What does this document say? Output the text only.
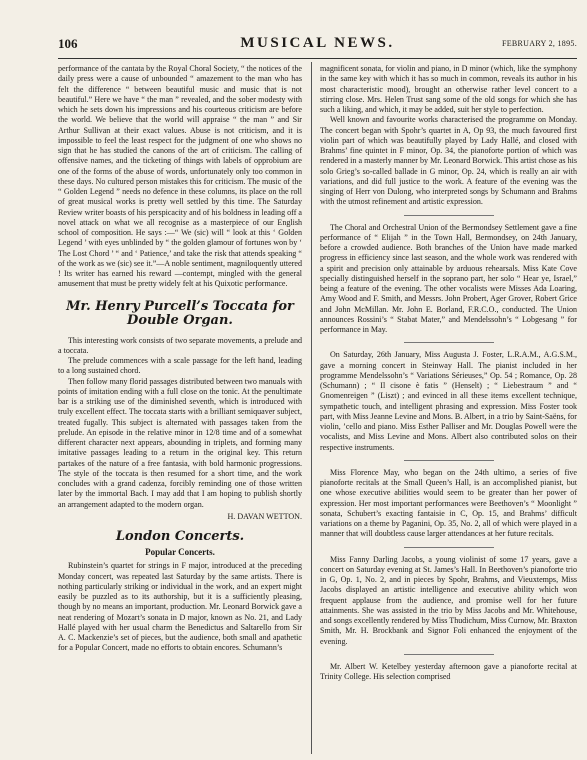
106	MUSICAL NEWS.	FEBRUARY 2, 1895.

performance of the cantata by the Royal Choral Society, “ the notices of the daily press were a cause of unbounded “ amazement to the man who has felt the difference “ between beautiful music and music that is not beautiful.” Here we have “ the man ” revealed, and the sober modesty with which he sets down his impressions and his courteous criticism are before the world. We believe that the world will appraise “ the man ” and Sir Arthur Sullivan at their exact values. Abuse is not criticism, and it is impossible to feel the least respect for the judgment of one who shows no sign that he has studied the canons of the art of criticism. The calling of offensive names, and the ticketing of things with labels of opprobium are one of the forms of the abuse of words, unfortunately only too common in these days. No cultured person mistakes this for criticism. The music of the “ Golden Legend ” needs no defence in these columns, its place on the roll of great musical works is pretty well settled by this time. The Saturday Review writer boasts of his perspicacity and of his boldness in leading off a novel attack on what we all recognise as a masterpiece of our English school of composition. He says :—“ We (sic) will “ look at this ‘ Golden Legend ’ with eyes unblinded by “ the golden glamour of fortunes won by ‘ The Lost Chord ’ “ and ‘ Patience,’ and take the risk that attends speaking “ of the work as we (sic) see it.”—A noble sentiment, magniloquently uttered ! Its writer has earned his reward —contempt, mingled with the general amusement that must be pretty widely felt at his Quixotic performance.

Mr. Henry Purcell’s Toccata for
Double Organ.

This interesting work consists of two separate movements, a prelude and a toccata.

The prelude commences with a scale passage for the left hand, leading to a long sustained chord.

Then follow many florid passages distributed between two manuals with points of imitation ending with a full close on the tonic. At the penultimate bar is a striking use of the diminished seventh, which is introduced with truly excellent effect. The toccata starts with a brilliant semiquaver subject, treated fugally. This subject is alternated with passages taken from the prelude. An episode in the relative minor in 12/8 time and of a somewhat different character next appears, abounding in triplets, and forming many imitative passages leading to a return in the original key. This return partakes of the nature of a free fantasia, with bold harmonic progressions. The style of the toccata is then resumed for a short time, and the work concludes with a grand cadenza, forcibly reminding one of those written later by the immortal Bach. I may add that I am hoping to publish shortly an arrangement adapted to the modern organ.

H. DAVAN WETTON.

London Concerts.
Popular Concerts.

Rubinstein’s quartet for strings in F major, introduced at the preceding Monday concert, was repeated last Saturday by the same artists. There is nothing particularly striking or individual in the work, and an expert might easily be puzzled as to its authorship, but it is a sufficiently pleasing, though by no means an important, production. Mr. Leonard Borwick gave a neat rendering of Mozart’s sonata in D major, known as No. 21, and Lady Hallé played with her usual charm the Benedictus and Saltarello from Sir A. C. Mackenzie’s set of pieces, but the audience, both small and apathetic for a Popular Concert, made no efforts to obtain encores. Schumann’s

magnificent sonata, for violin and piano, in D minor (which, like the symphony in the same key with which it has so much in common, reveals its author in his most characteristic mood), brought an otherwise rather level concert to a stirring close. Mrs. Helen Trust sang some of the old songs for which she has such a liking, and which, it may be added, suit her style to perfection.

Well known and favourite works characterised the programme on Monday. The concert began with Spohr’s quartet in A, Op 93, the much favoured first violin part of which was beautifully played by Lady Hallé, and closed with Brahms’ fine quintet in F minor, Op. 34, the pianoforte portion of which was rendered in a masterly manner by Mr. Leonard Borwick. This artist chose as his solo Grieg’s so-called ballade in G minor, Op. 24, which is really an air with variations, and did full justice to the work. A feature of the evening was the singing of Herr von Dulong, who interpreted songs by Schumann and Brahms with the utmost refinement and artistic expression.

The Choral and Orchestral Union of the Bermondsey Settlement gave a fine performance of “ Elijah ” in the Town Hall, Bermondsey, on 24th January, before a crowded audience. Both branches of the Union have made marked progress in efficiency since last season, and the whole work was rendered with a spirit and precision only attainable by arduous rehearsals. Miss Kate Cove specially distinguished herself in the soprano part, her solo “ Hear ye, Israel,” being a feature of the evening. The other vocalists were Misses Ada Loaring, Amy Wood and F. Smith, and Messrs. John Probert, Ager Grover, Robert Grice and John McMillan. Mr. John E. Borland, F.R.C.O., conducted. The Union announces Rossini’s “ Stabat Mater,” and Mendelssohn’s “ Lobgesang ” for performance in May.

On Saturday, 26th January, Miss Augusta J. Foster, L.R.A.M., A.G.S.M., gave a morning concert in Steinway Hall. The pianist included in her programme Mendelssohn’s “ Variations Sérieuses,” Op. 54 ; Romance, Op. 28 (Schumann) ; “ Il cisone è fatis ” (Henselt) ; “ Liebestraum ” and “ Gnomenreigen ” (Liszt) ; and evinced in all these items excellent technique, sympathetic touch, and intelligent phrasing and expression. Miss Foster took part, with Miss Jeanne Levine and Mons. B. Albert, in a trio by Saint-Saëns, for violin, ’cello and piano. Miss Esther Palliser and Mr. Douglas Powell were the vocalists, and Miss Levine and Mons. Albert also contributed solos on their respective instruments.

Miss Florence May, who began on the 24th ultimo, a series of five pianoforte recitals at the Small Queen’s Hall, is an accomplished pianist, but one whose executive abilities would seem to be greater than her power of expression. Her most important performances were Beethoven’s “ Moonlight ” sonata, Schubert’s exacting fantaisie in C, Op. 15, and Brahms’ difficult variations on a theme by Paganini, Op. 35, No. 2, all of which were played in a manner that will doubtless cause larger attendances at her future recitals.

Miss Fanny Darling Jacobs, a young violinist of some 17 years, gave a concert on Saturday evening at St. James’s Hall. In Beethoven’s pianoforte trio in G, Op. 1, No. 2, and in pieces by Spohr, Brahms, and Vieuxtemps, Miss Jacobs displayed an artistic intelligence and executive ability which won frequent applause from the audience, and promise well for her future attainments. She was assisted in the trio by Miss Jacobs and Mr. Whitehouse, and songs excellently rendered by Miss Thudichum, Miss Curnow, Mr. Braxton Smith, Mr. H. Brockbank and Signor Foli enhanced the enjoyment of the evening.

Mr. Albert W. Ketelbey yesterday afternoon gave a pianoforte recital at Trinity College. His selection comprised
